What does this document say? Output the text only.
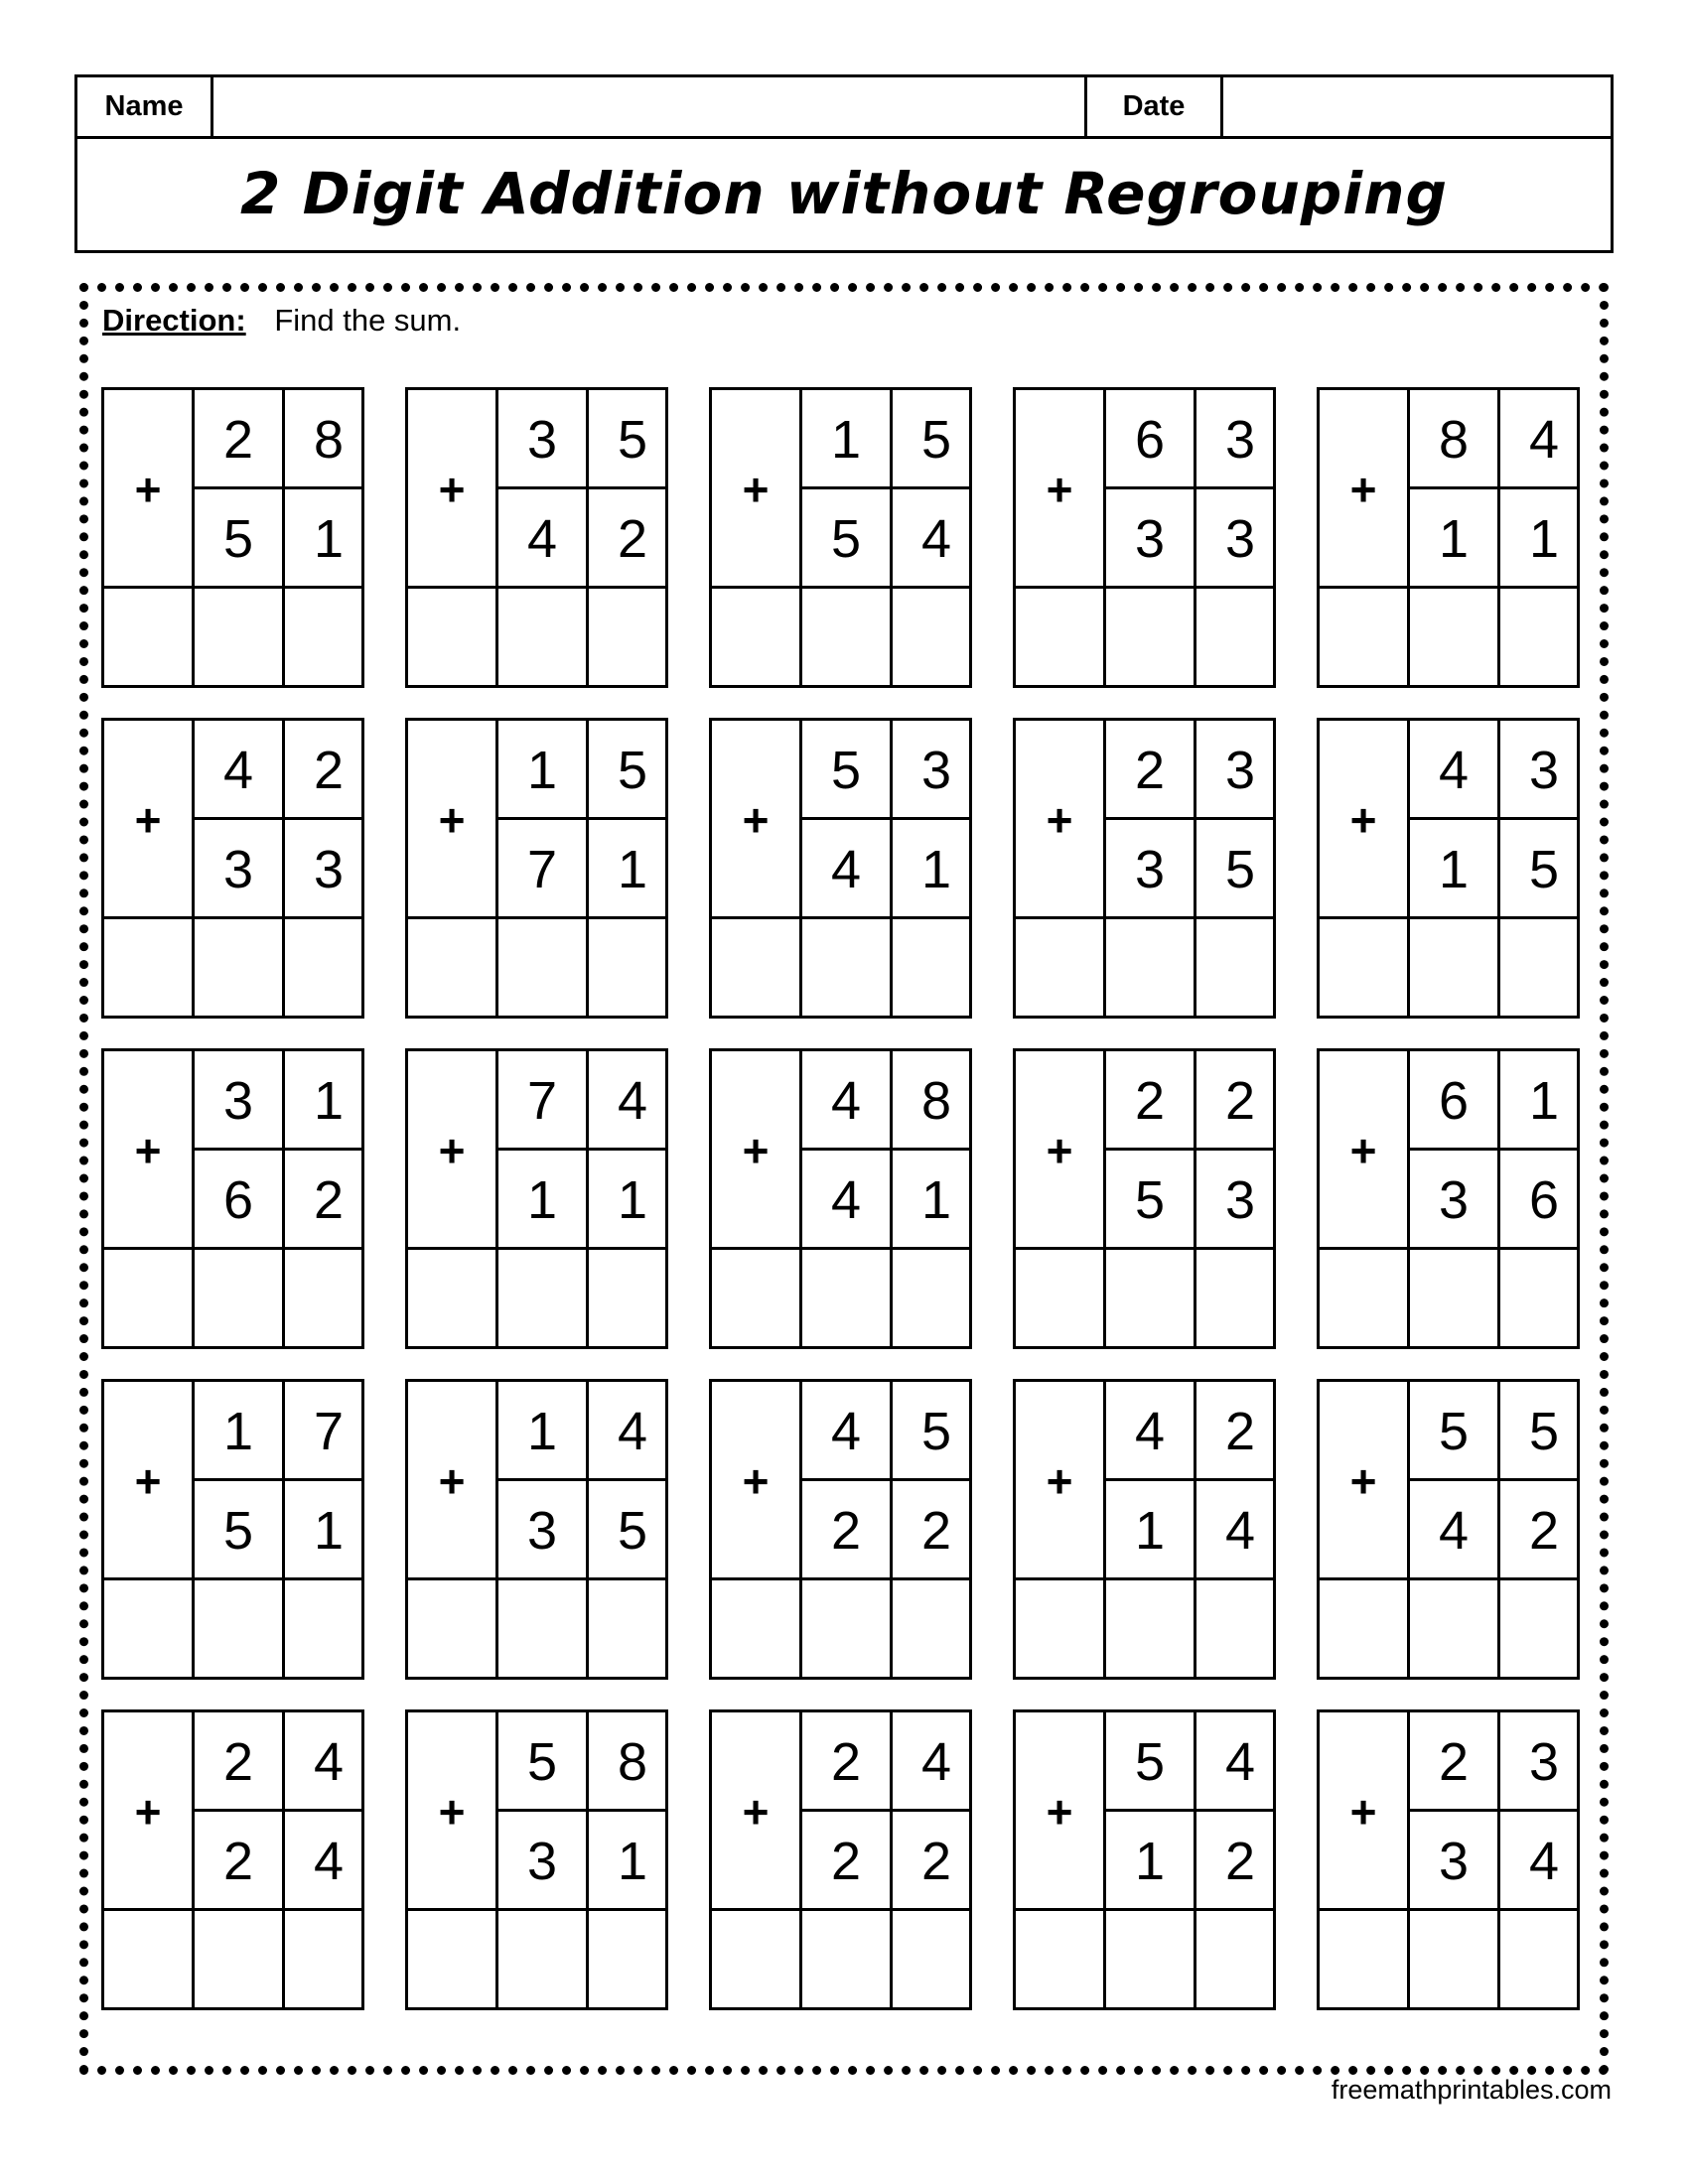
Name	Date
2 Digit Addition without Regrouping
Direction: Find the sum.
+
2	8
5	1
+
3	5
4	2
+
1	5
5	4
+
6	3
3	3
+
8	4
1	1
+
4	2
3	3
+
1	5
7	1
+
5	3
4	1
+
2	3
3	5
+
4	3
1	5
+
3	1
6	2
+
7	4
1	1
+
4	8
4	1
+
2	2
5	3
+
6	1
3	6
+
1	7
5	1
+
1	4
3	5
+
4	5
2	2
+
4	2
1	4
+
5	5
4	2
+
2	4
2	4
+
5	8
3	1
+
2	4
2	2
+
5	4
1	2
+
2	3
3	4
freemathprintables.com
